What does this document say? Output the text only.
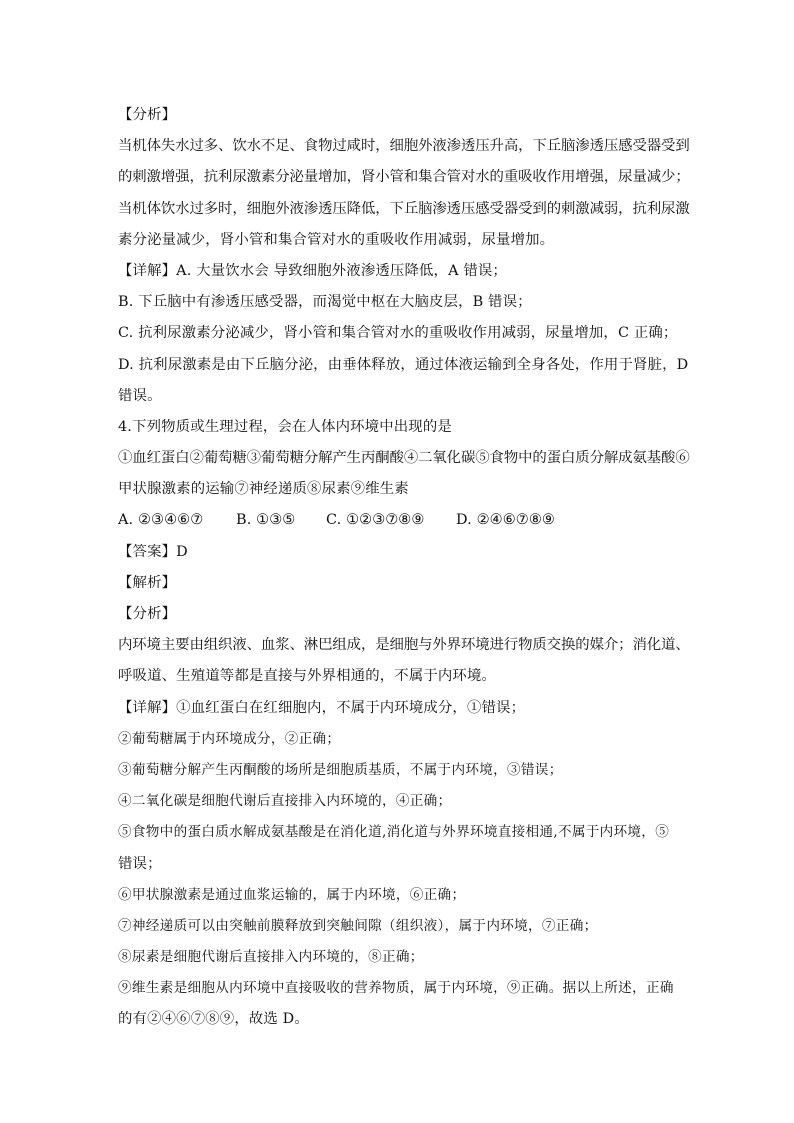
【分析】
当机体失水过多、饮水不足、食物过咸时，细胞外液渗透压升高，下丘脑渗透压感受器受到
的刺激增强，抗利尿激素分泌量增加，肾小管和集合管对水的重吸收作用增强，尿量减少；
当机体饮水过多时，细胞外液渗透压降低，下丘脑渗透压感受器受到的刺激减弱，抗利尿激
素分泌量减少，肾小管和集合管对水的重吸收作用减弱，尿量增加。
【详解】A. 大量饮水会 导致细胞外液渗透压降低，A 错误；
B. 下丘脑中有渗透压感受器，而渴觉中枢在大脑皮层，B 错误；
C. 抗利尿激素分泌减少，肾小管和集合管对水的重吸收作用减弱，尿量增加，C 正确；
D. 抗利尿激素是由下丘脑分泌，由垂体释放，通过体液运输到全身各处，作用于肾脏，D
错误。
4.下列物质或生理过程，会在人体内环境中出现的是
①血红蛋白②葡萄糖③葡萄糖分解产生丙酮酸④二氧化碳⑤食物中的蛋白质分解成氨基酸⑥
甲状腺激素的运输⑦神经递质⑧尿素⑨维生素
A. ②③④⑥⑦ B. ①③⑤ C. ①②③⑦⑧⑨ D. ②④⑥⑦⑧⑨
【答案】D
【解析】
【分析】
内环境主要由组织液、血浆、淋巴组成，是细胞与外界环境进行物质交换的媒介；消化道、
呼吸道、生殖道等都是直接与外界相通的，不属于内环境。
【详解】①血红蛋白在红细胞内，不属于内环境成分，①错误；
②葡萄糖属于内环境成分，②正确；
③葡萄糖分解产生丙酮酸的场所是细胞质基质，不属于内环境，③错误；
④二氧化碳是细胞代谢后直接排入内环境的，④正确；
⑤食物中的蛋白质水解成氨基酸是在消化道,消化道与外界环境直接相通,不属于内环境，⑤
错误；
⑥甲状腺激素是通过血浆运输的，属于内环境，⑥正确；
⑦神经递质可以由突触前膜释放到突触间隙（组织液），属于内环境，⑦正确；
⑧尿素是细胞代谢后直接排入内环境的，⑧正确；
⑨维生素是细胞从内环境中直接吸收的营养物质，属于内环境，⑨正确。据以上所述，正确
的有②④⑥⑦⑧⑨，故选 D。
